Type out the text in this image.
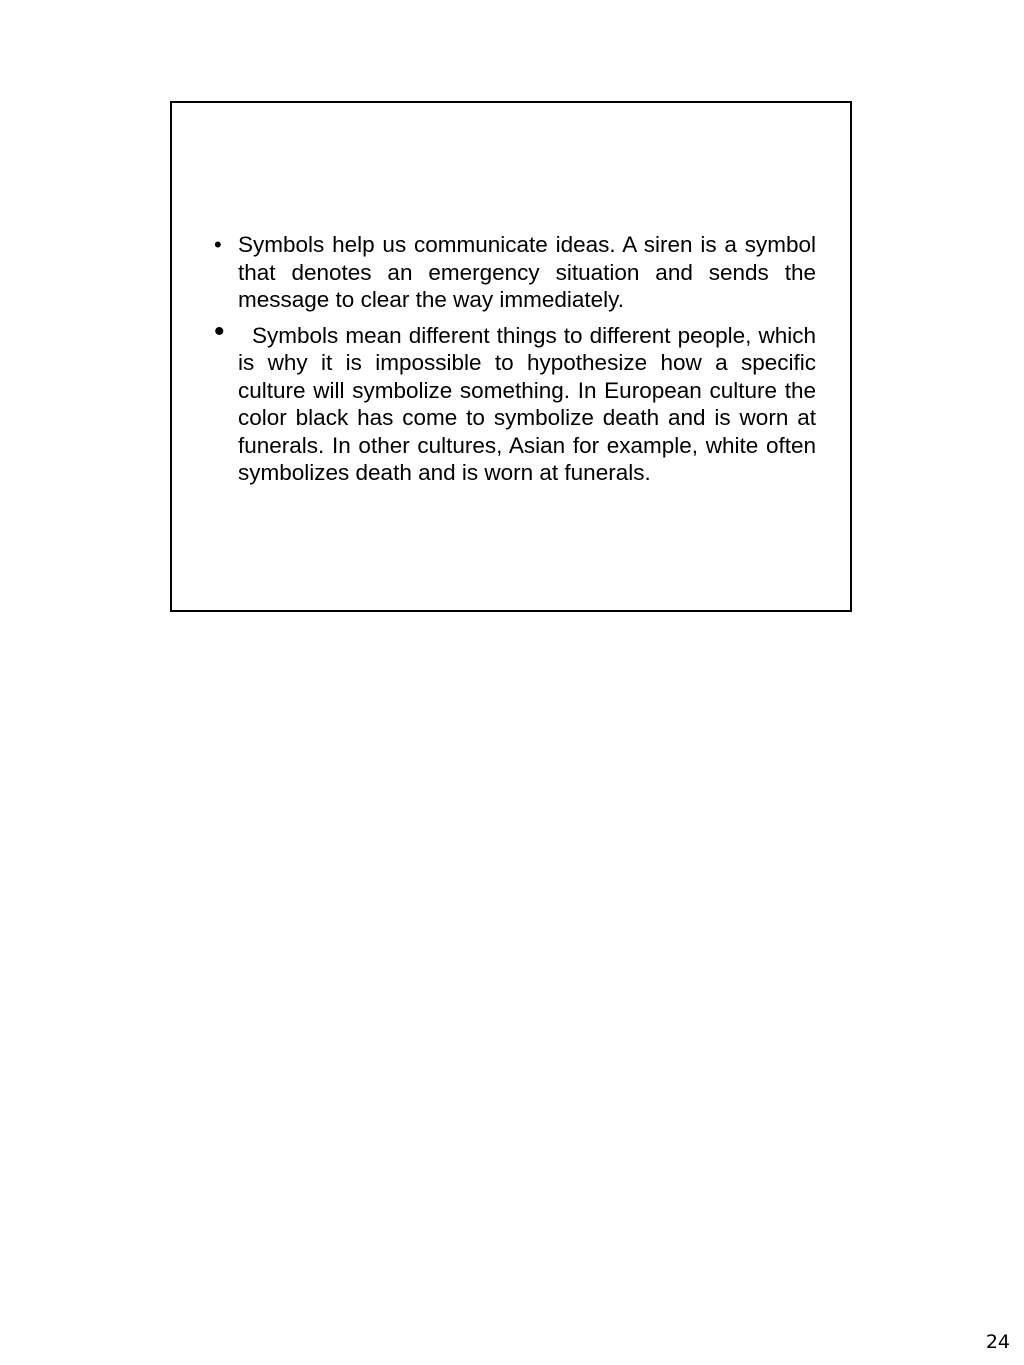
• Symbols help us communicate ideas. A siren is a symbol that denotes an emergency situation and sends the message to clear the way immediately.
•	Symbols mean different things to different people, which is why it is impossible to hypothesize how a specific culture will symbolize something. In European culture the color black has come to symbolize death and is worn at funerals. In other cultures, Asian for example, white often symbolizes death and is worn at funerals.
24
